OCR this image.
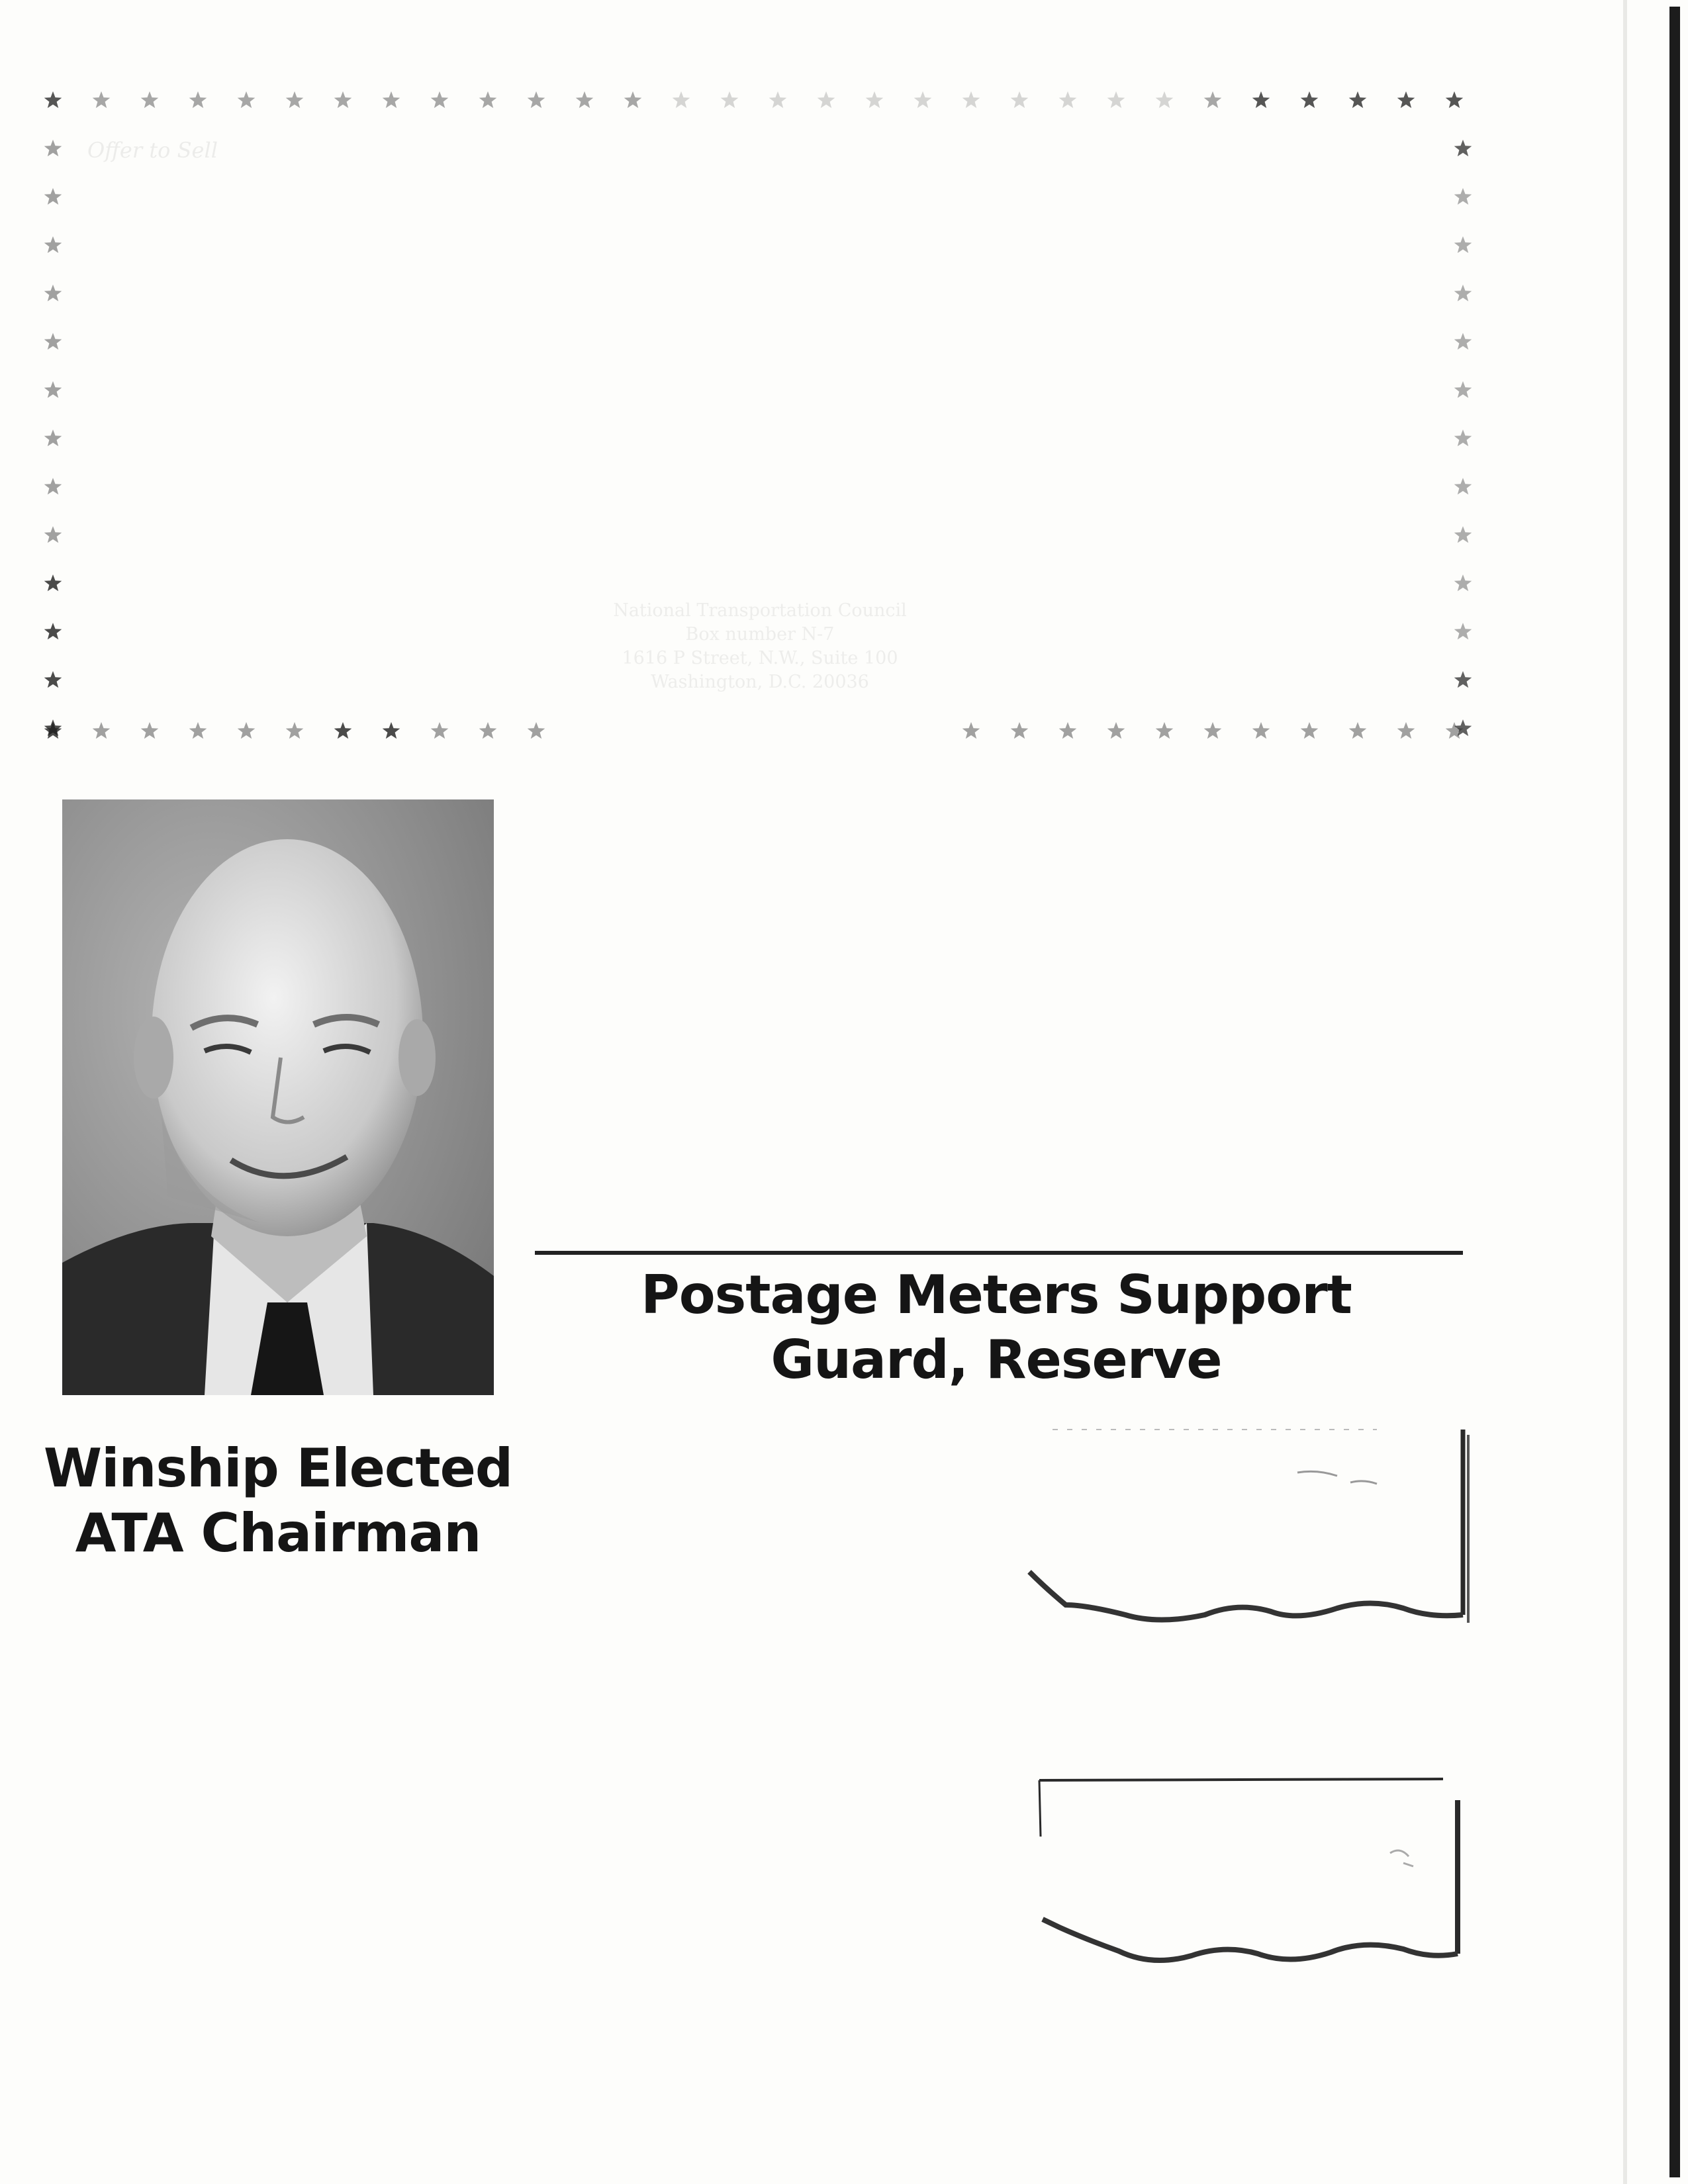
Offer to Sell
National Transportation Council
Box number N-7
1616 P Street, N.W., Suite 100
Washington, D.C. 20036
Winship Elected
ATA Chairman
Postage Meters Support
Guard, Reserve
